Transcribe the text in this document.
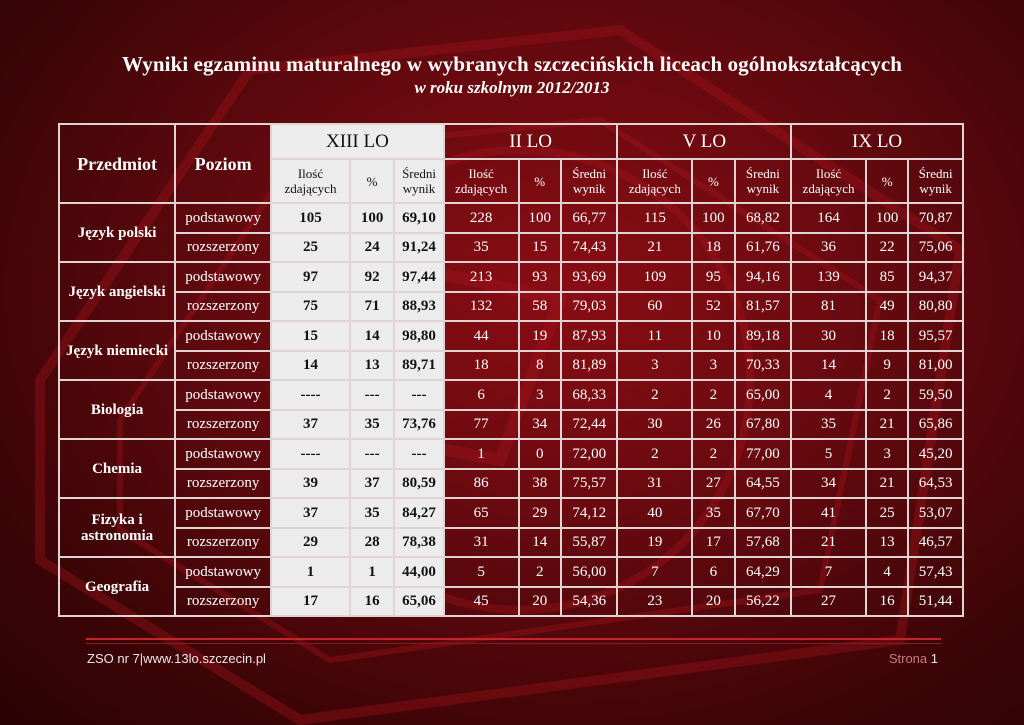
Wyniki egzaminu maturalnego w wybranych szczecińskich liceach ogólnokształcących
w roku szkolnym 2012/2013
Przedmiot	Poziom	XIII LO			II LO			V LO			IX LO		
		Ilość zdających	%	Średni wynik	Ilość zdających	%	Średni wynik	Ilość zdających	%	Średni wynik	Ilość zdających	%	Średni wynik
Język polski	podstawowy	105	100	69,10	228	100	66,77	115	100	68,82	164	100	70,87
	rozszerzony	25	24	91,24	35	15	74,43	21	18	61,76	36	22	75,06
Język angielski	podstawowy	97	92	97,44	213	93	93,69	109	95	94,16	139	85	94,37
	rozszerzony	75	71	88,93	132	58	79,03	60	52	81,57	81	49	80,80
Język niemiecki	podstawowy	15	14	98,80	44	19	87,93	11	10	89,18	30	18	95,57
	rozszerzony	14	13	89,71	18	8	81,89	3	3	70,33	14	9	81,00
Biologia	podstawowy	----	---	---	6	3	68,33	2	2	65,00	4	2	59,50
	rozszerzony	37	35	73,76	77	34	72,44	30	26	67,80	35	21	65,86
Chemia	podstawowy	----	---	---	1	0	72,00	2	2	77,00	5	3	45,20
	rozszerzony	39	37	80,59	86	38	75,57	31	27	64,55	34	21	64,53
Fizyka i astronomia	podstawowy	37	35	84,27	65	29	74,12	40	35	67,70	41	25	53,07
	rozszerzony	29	28	78,38	31	14	55,87	19	17	57,68	21	13	46,57
Geografia	podstawowy	1	1	44,00	5	2	56,00	7	6	64,29	7	4	57,43
	rozszerzony	17	16	65,06	45	20	54,36	23	20	56,22	27	16	51,44
ZSO nr 7|www.13lo.szczecin.pl	Strona 1
